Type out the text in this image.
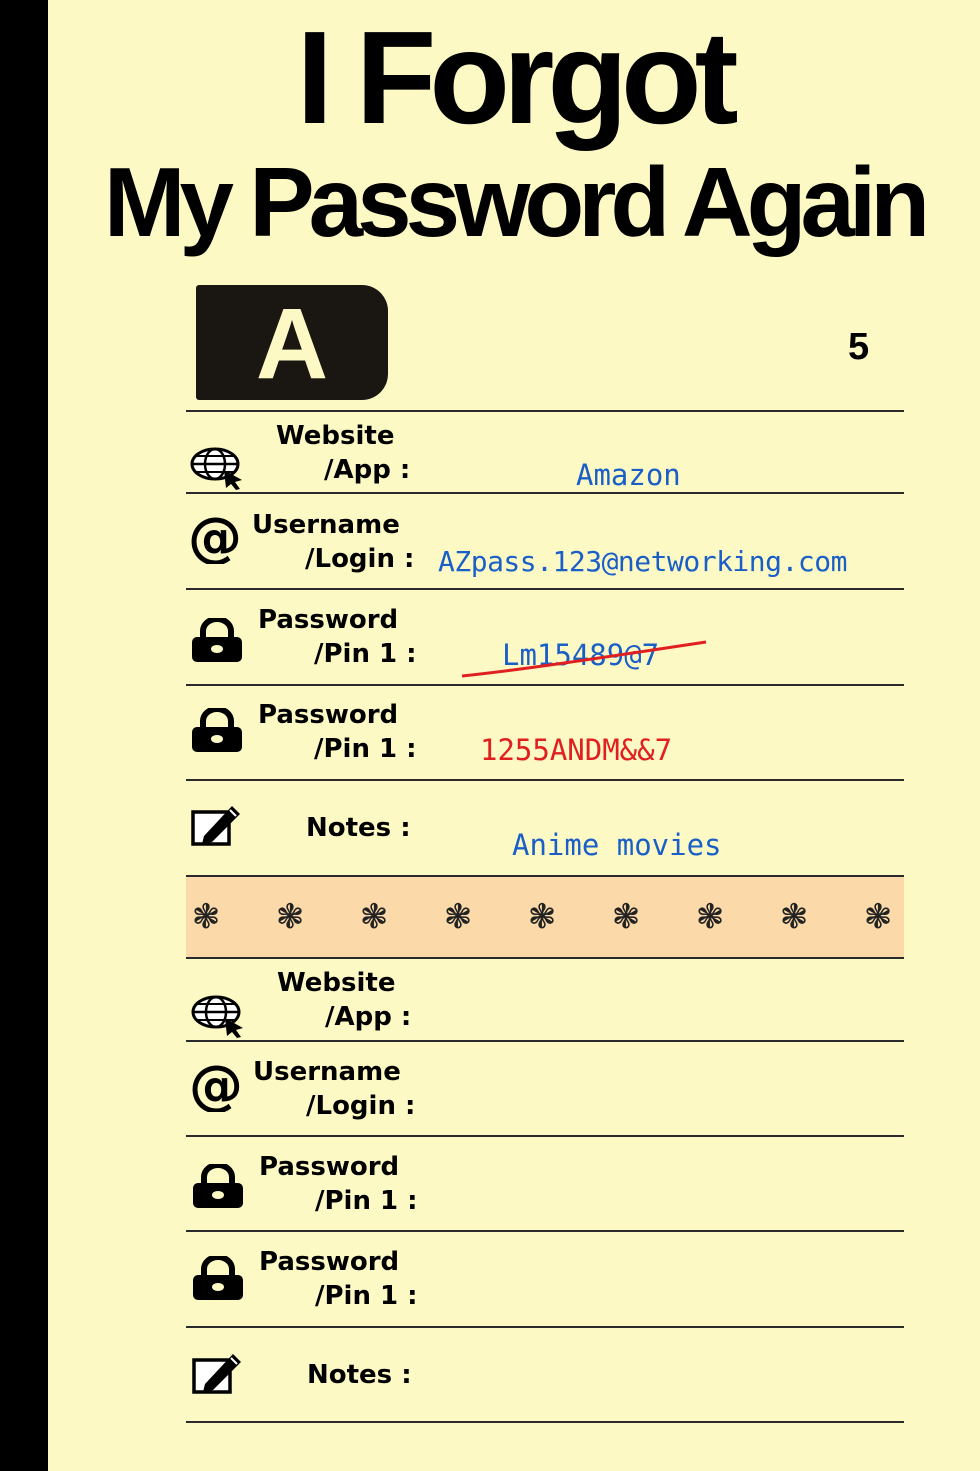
I Forgot
My Password Again
A	5
Website
/App :	Amazon
@ Username
/Login : AZpass.123@networking.com
Password
/Pin 1 :	Lm15489@7
Password
/Pin 1 : 1255ANDM&&7
Notes :	Anime movies
❃ ❃ ❃ ❃ ❃ ❃ ❃ ❃ ❃
Website
/App :
@ Username
/Login :
Password
/Pin 1 :
Password
/Pin 1 :
Notes :
